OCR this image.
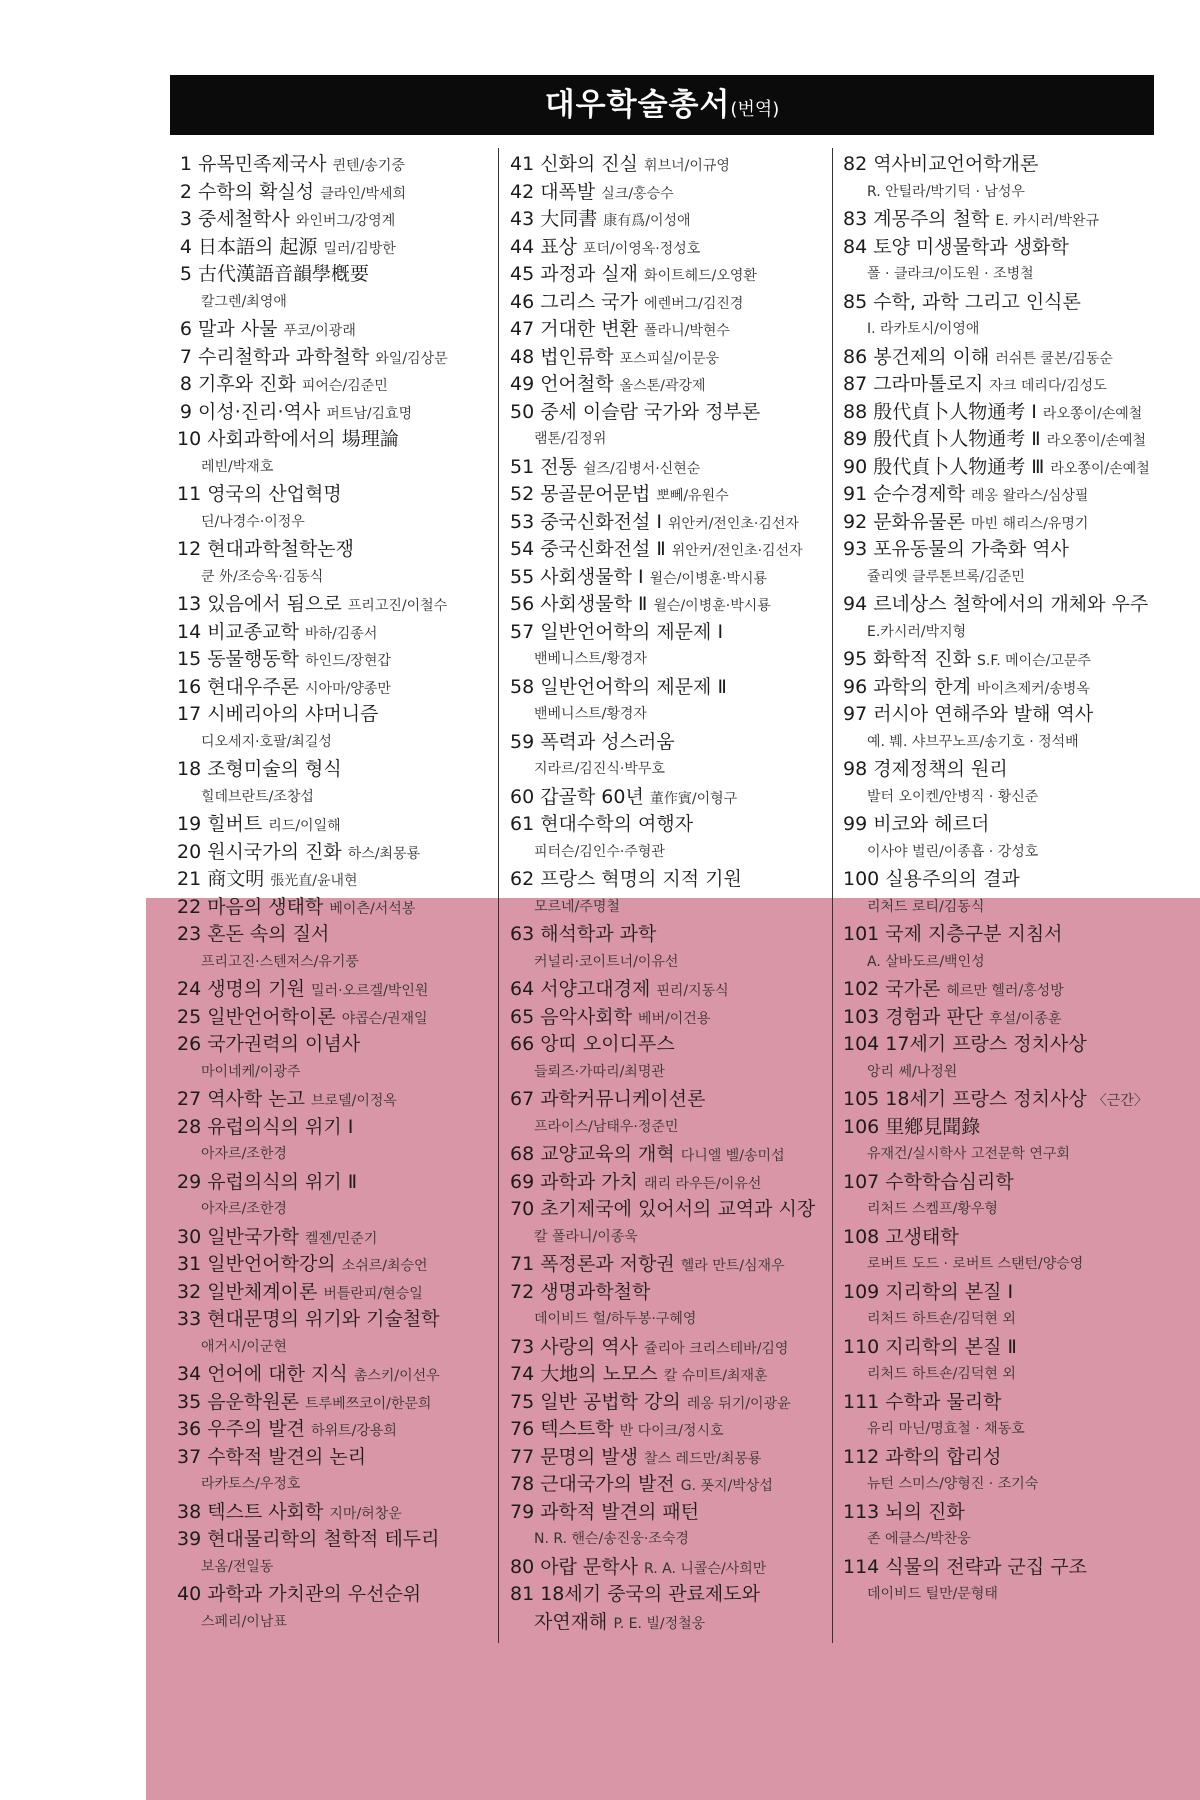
대우학술총서(번역)
1 유목민족제국사 퀸텐/송기중
2 수학의 확실성 클라인/박세희
3 중세철학사 와인버그/강영계
4 日本語의 起源 밀러/김방한
5 古代漢語音韻學槪要
칼그렌/최영애
6 말과 사물 푸코/이광래
7 수리철학과 과학철학 와일/김상문
8 기후와 진화 피어슨/김준민
9 이성·진리·역사 퍼트남/김효명
10 사회과학에서의 場理論
레빈/박재호
11 영국의 산업혁명
딘/나경수·이정우
12 현대과학철학논쟁
쿤 外/조승옥·김동식
13 있음에서 됨으로 프리고진/이철수
14 비교종교학 바하/김종서
15 동물행동학 하인드/장현갑
16 현대우주론 시아마/양종만
17 시베리아의 샤머니즘
디오세지·호팔/최길성
18 조형미술의 형식
힐데브란트/조창섭
19 힐버트 리드/이일해
20 원시국가의 진화 하스/최몽룡
21 商文明 張光直/윤내현
22 마음의 생태학 베이츤/서석봉
23 혼돈 속의 질서
프리고진·스텐저스/유기풍
24 생명의 기원 밀러·오르겔/박인원
25 일반언어학이론 야콥슨/권재일
26 국가권력의 이념사
마이네케/이광주
27 역사학 논고 브로델/이정옥
28 유럽의식의 위기 Ⅰ
아자르/조한경
29 유럽의식의 위기 Ⅱ
아자르/조한경
30 일반국가학 켈젠/민준기
31 일반언어학강의 소쉬르/최승언
32 일반체계이론 버틀란피/현승일
33 현대문명의 위기와 기술철학
애거시/이군현
34 언어에 대한 지식 촘스키/이선우
35 음운학원론 트루베쯔코이/한문희
36 우주의 발견 하위트/강용희
37 수학적 발견의 논리
라카토스/우정호
38 텍스트 사회학 지마/허창운
39 현대물리학의 철학적 테두리
보옴/전일동
40 과학과 가치관의 우선순위
스페리/이남표
41 신화의 진실 휘브너/이규영
42 대폭발 실크/홍승수
43 大同書 康有爲/이성애
44 표상 포더/이영옥·정성호
45 과정과 실재 화이트헤드/오영환
46 그리스 국가 에렌버그/김진경
47 거대한 변환 폴라니/박현수
48 법인류학 포스피실/이문웅
49 언어철학 올스톤/곽강제
50 중세 이슬람 국가와 정부론
램톤/김정위
51 전통 쉴즈/김병서·신현순
52 몽골문어문법 뽀뻬/유원수
53 중국신화전설 Ⅰ 위안커/전인초·김선자
54 중국신화전설 Ⅱ 위안커/전인초·김선자
55 사회생물학 Ⅰ 윌슨/이병훈·박시룡
56 사회생물학 Ⅱ 윌슨/이병훈·박시룡
57 일반언어학의 제문제 Ⅰ
밴베니스트/황경자
58 일반언어학의 제문제 Ⅱ
밴베니스트/황경자
59 폭력과 성스러움
지라르/김진식·박무호
60 갑골학 60년 董作賓/이형구
61 현대수학의 여행자
피터슨/김인수·주형관
62 프랑스 혁명의 지적 기원
모르네/주명철
63 해석학과 과학
커널리·코이트너/이유선
64 서양고대경제 핀리/지동식
65 음악사회학 베버/이건용
66 앙띠 오이디푸스
들뢰즈·가따리/최명관
67 과학커뮤니케이션론
프라이스/남태우·정준민
68 교양교육의 개혁 다니엘 벨/송미섭
69 과학과 가치 래리 라우든/이유선
70 초기제국에 있어서의 교역과 시장
칼 폴라니/이종욱
71 폭정론과 저항권 헬라 만트/심재우
72 생명과학철학
데이비드 헐/하두봉·구혜영
73 사랑의 역사 쥴리아 크리스테바/김영
74 大地의 노모스 칼 슈미트/최재훈
75 일반 공법학 강의 레옹 뒤기/이광윤
76 텍스트학 반 다이크/정시호
77 문명의 발생 찰스 레드만/최몽룡
78 근대국가의 발전 G. 폿지/박상섭
79 과학적 발견의 패턴
N. R. 핸슨/송진웅·조숙경
80 아랍 문학사 R. A. 니콜슨/사희만
81 18세기 중국의 관료제도와
자연재해 P. E. 빌/정철웅
82 역사비교언어학개론
R. 안틸라/박기덕 · 남성우
83 계몽주의 철학 E. 카시러/박완규
84 토양 미생물학과 생화학
폴 · 클라크/이도원 · 조병철
85 수학, 과학 그리고 인식론
I. 라카토시/이영애
86 봉건제의 이해 러쉬튼 쿨본/김동순
87 그라마톨로지 자크 데리다/김성도
88 殷代貞卜人物通考 Ⅰ 라오쫑이/손예철
89 殷代貞卜人物通考 Ⅱ 라오쫑이/손예철
90 殷代貞卜人物通考 Ⅲ 라오쫑이/손예철
91 순수경제학 레옹 왈라스/심상필
92 문화유물론 마빈 해리스/유명기
93 포유동물의 가축화 역사
쥴리엣 클루톤브록/김준민
94 르네상스 철학에서의 개체와 우주
E.카시러/박지형
95 화학적 진화 S.F. 메이슨/고문주
96 과학의 한계 바이츠제커/송병옥
97 러시아 연해주와 발해 역사
예. 붸. 샤브꾸노프/송기호 · 정석배
98 경제정책의 원리
발터 오이켄/안병직 · 황신준
99 비코와 헤르더
이사야 벌린/이종흡 · 강성호
100 실용주의의 결과
리처드 로티/김동식
101 국제 지층구분 지침서
A. 살바도르/백인성
102 국가론 헤르만 헬러/홍성방
103 경험과 판단 후설/이종훈
104 17세기 프랑스 정치사상
앙리 쎄/나정원
105 18세기 프랑스 정치사상 〈근간〉
106 里鄕見聞錄
유재건/실시학사 고전문학 연구회
107 수학학습심리학
리처드 스켐프/황우형
108 고생태학
로버트 도드 · 로버트 스탠턴/양승영
109 지리학의 본질 Ⅰ
리처드 하트숀/김덕현 외
110 지리학의 본질 Ⅱ
리처드 하트숀/김덕현 외
111 수학과 물리학
유리 마닌/명효철 · 채동호
112 과학의 합리성
뉴턴 스미스/양형진 · 조기숙
113 뇌의 진화
존 에클스/박찬웅
114 식물의 전략과 군집 구조
데이비드 틸만/문형태
